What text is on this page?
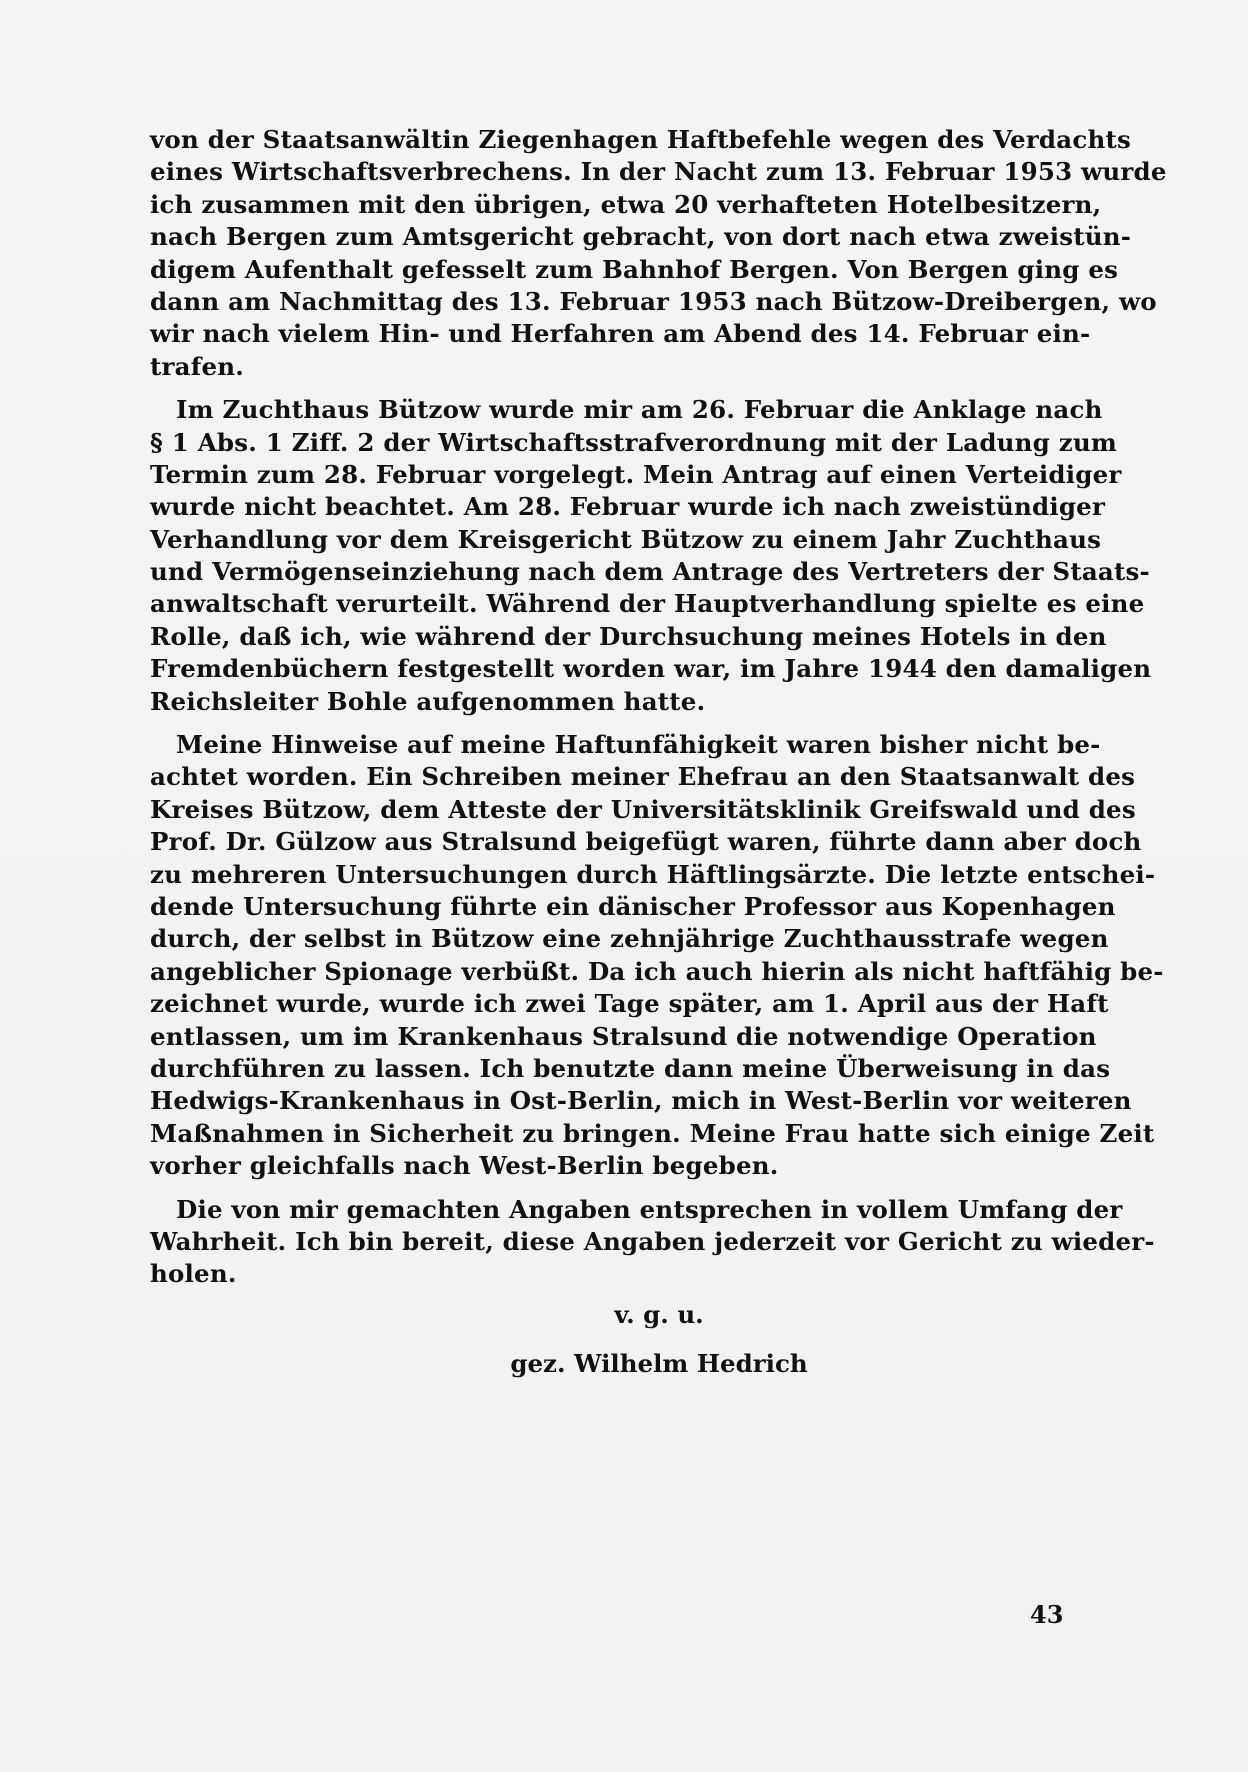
von der Staatsanwältin Ziegenhagen Haftbefehle wegen des Verdachts
eines Wirtschaftsverbrechens. In der Nacht zum 13. Februar 1953 wurde
ich zusammen mit den übrigen, etwa 20 verhafteten Hotelbesitzern,
nach Bergen zum Amtsgericht gebracht, von dort nach etwa zweistün-
digem Aufenthalt gefesselt zum Bahnhof Bergen. Von Bergen ging es
dann am Nachmittag des 13. Februar 1953 nach Bützow-Dreibergen, wo
wir nach vielem Hin- und Herfahren am Abend des 14. Februar ein-
trafen.
Im Zuchthaus Bützow wurde mir am 26. Februar die Anklage nach
§ 1 Abs. 1 Ziff. 2 der Wirtschaftsstrafverordnung mit der Ladung zum
Termin zum 28. Februar vorgelegt. Mein Antrag auf einen Verteidiger
wurde nicht beachtet. Am 28. Februar wurde ich nach zweistündiger
Verhandlung vor dem Kreisgericht Bützow zu einem Jahr Zuchthaus
und Vermögenseinziehung nach dem Antrage des Vertreters der Staats-
anwaltschaft verurteilt. Während der Hauptverhandlung spielte es eine
Rolle, daß ich, wie während der Durchsuchung meines Hotels in den
Fremdenbüchern festgestellt worden war, im Jahre 1944 den damaligen
Reichsleiter Bohle aufgenommen hatte.
Meine Hinweise auf meine Haftunfähigkeit waren bisher nicht be-
achtet worden. Ein Schreiben meiner Ehefrau an den Staatsanwalt des
Kreises Bützow, dem Atteste der Universitätsklinik Greifswald und des
Prof. Dr. Gülzow aus Stralsund beigefügt waren, führte dann aber doch
zu mehreren Untersuchungen durch Häftlingsärzte. Die letzte entschei-
dende Untersuchung führte ein dänischer Professor aus Kopenhagen
durch, der selbst in Bützow eine zehnjährige Zuchthausstrafe wegen
angeblicher Spionage verbüßt. Da ich auch hierin als nicht haftfähig be-
zeichnet wurde, wurde ich zwei Tage später, am 1. April aus der Haft
entlassen, um im Krankenhaus Stralsund die notwendige Operation
durchführen zu lassen. Ich benutzte dann meine Überweisung in das
Hedwigs-Krankenhaus in Ost-Berlin, mich in West-Berlin vor weiteren
Maßnahmen in Sicherheit zu bringen. Meine Frau hatte sich einige Zeit
vorher gleichfalls nach West-Berlin begeben.
Die von mir gemachten Angaben entsprechen in vollem Umfang der
Wahrheit. Ich bin bereit, diese Angaben jederzeit vor Gericht zu wieder-
holen.
v. g. u.
gez. Wilhelm Hedrich
43
